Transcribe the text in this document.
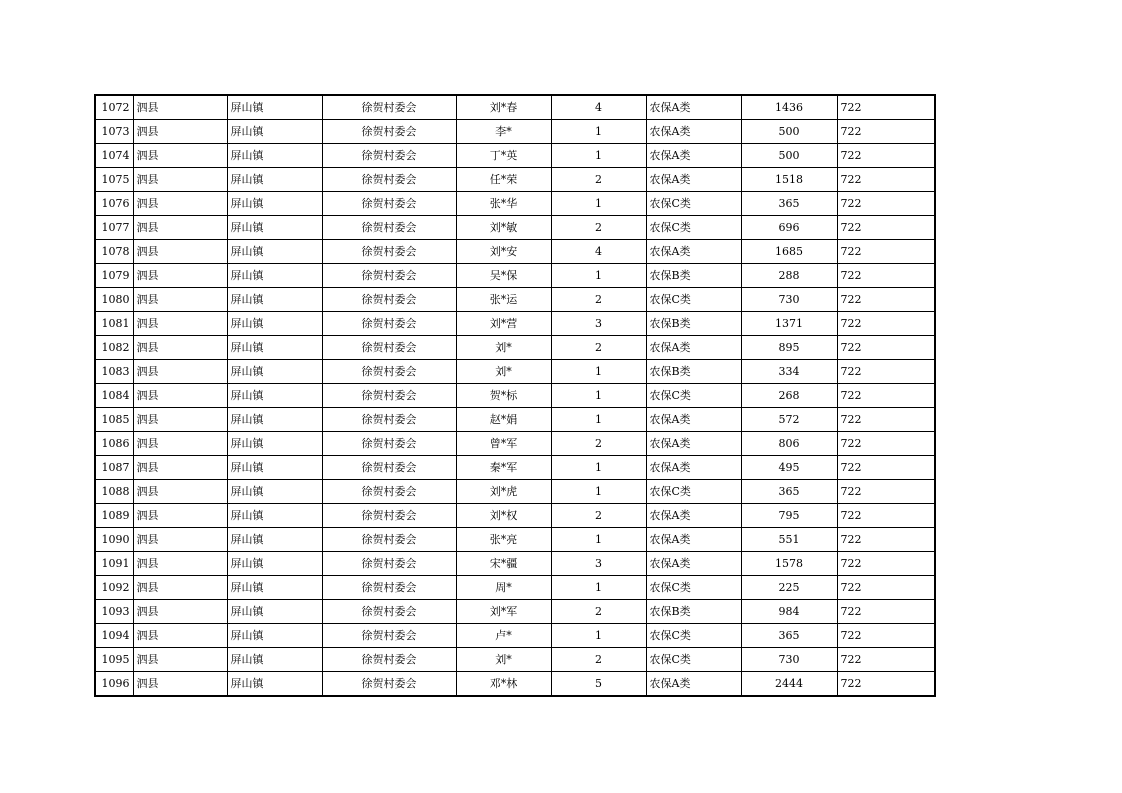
1072	泗县	屏山镇	徐贺村委会	刘*春	4	农保A类	1436	722
1073	泗县	屏山镇	徐贺村委会	李*	1	农保A类	500	722
1074	泗县	屏山镇	徐贺村委会	丁*英	1	农保A类	500	722
1075	泗县	屏山镇	徐贺村委会	任*荣	2	农保A类	1518	722
1076	泗县	屏山镇	徐贺村委会	张*华	1	农保C类	365	722
1077	泗县	屏山镇	徐贺村委会	刘*敏	2	农保C类	696	722
1078	泗县	屏山镇	徐贺村委会	刘*安	4	农保A类	1685	722
1079	泗县	屏山镇	徐贺村委会	吴*保	1	农保B类	288	722
1080	泗县	屏山镇	徐贺村委会	张*运	2	农保C类	730	722
1081	泗县	屏山镇	徐贺村委会	刘*营	3	农保B类	1371	722
1082	泗县	屏山镇	徐贺村委会	刘*	2	农保A类	895	722
1083	泗县	屏山镇	徐贺村委会	刘*	1	农保B类	334	722
1084	泗县	屏山镇	徐贺村委会	贺*标	1	农保C类	268	722
1085	泗县	屏山镇	徐贺村委会	赵*娟	1	农保A类	572	722
1086	泗县	屏山镇	徐贺村委会	曾*军	2	农保A类	806	722
1087	泗县	屏山镇	徐贺村委会	秦*军	1	农保A类	495	722
1088	泗县	屏山镇	徐贺村委会	刘*虎	1	农保C类	365	722
1089	泗县	屏山镇	徐贺村委会	刘*权	2	农保A类	795	722
1090	泗县	屏山镇	徐贺村委会	张*亮	1	农保A类	551	722
1091	泗县	屏山镇	徐贺村委会	宋*疆	3	农保A类	1578	722
1092	泗县	屏山镇	徐贺村委会	周*	1	农保C类	225	722
1093	泗县	屏山镇	徐贺村委会	刘*军	2	农保B类	984	722
1094	泗县	屏山镇	徐贺村委会	卢*	1	农保C类	365	722
1095	泗县	屏山镇	徐贺村委会	刘*	2	农保C类	730	722
1096	泗县	屏山镇	徐贺村委会	邓*林	5	农保A类	2444	722
